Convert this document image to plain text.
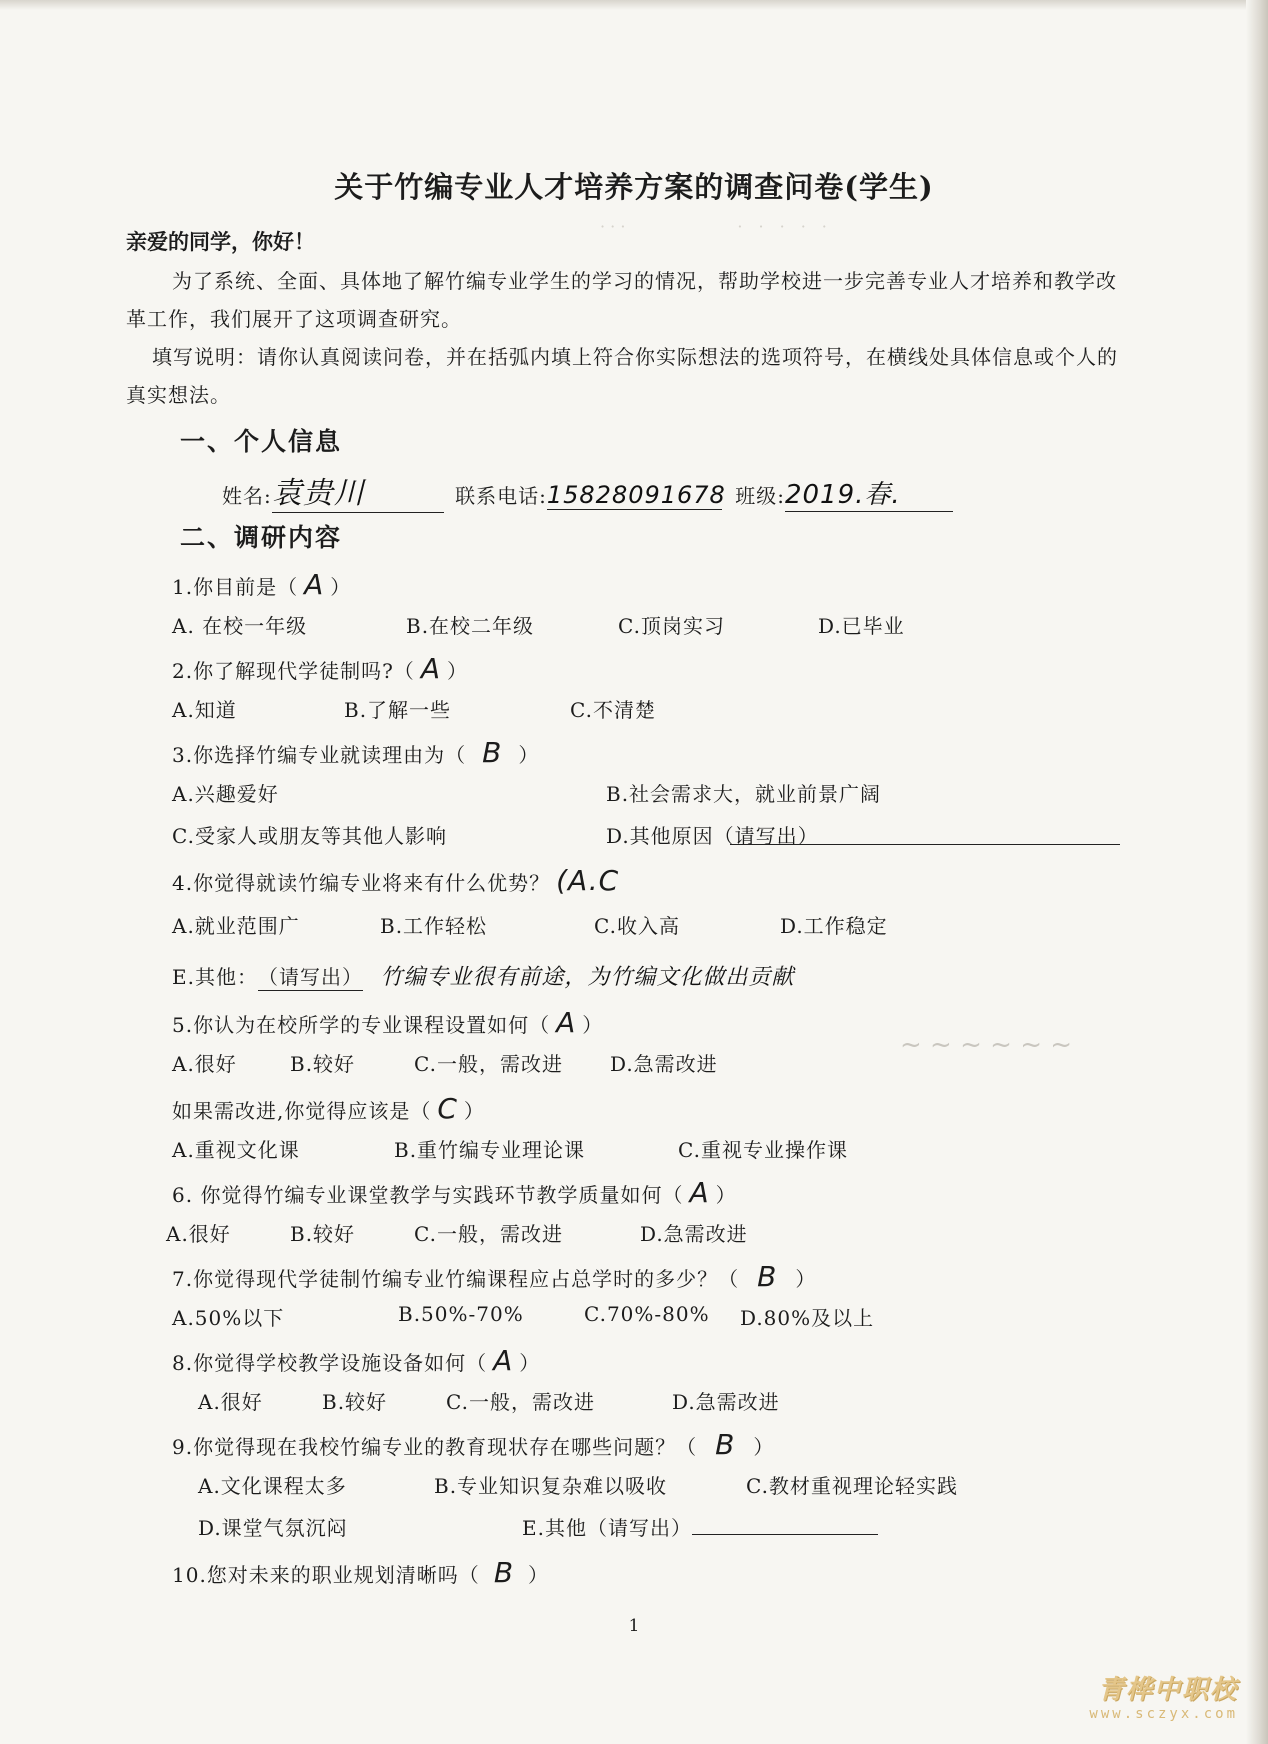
· · ·　　　　　　　·　·　·　·　·
~ ~ ~ ~ ~ ~
关于竹编专业人才培养方案的调查问卷(学生)
亲爱的同学，你好！
为了系统、全面、具体地了解竹编专业学生的学习的情况，帮助学校进一步完善专业人才培养和教学改革工作，我们展开了这项调查研究。
填写说明：请你认真阅读问卷，并在括弧内填上符合你实际想法的选项符号，在横线处具体信息或个人的真实想法。
一、个人信息
姓名:袁贵川	联系电话:15828091678 班级:2019.春.
二、调研内容
1.你目前是（ A ）
A. 在校一年级	B.在校二年级	C.顶岗实习	D.已毕业
2.你了解现代学徒制吗?（ A ）
A.知道	B.了解一些	C.不清楚
3.你选择竹编专业就读理由为（ B ）
A.兴趣爱好	B.社会需求大，就业前景广阔
C.受家人或朋友等其他人影响	D.其他原因（请写出）
4.你觉得就读竹编专业将来有什么优势？ (A.C
A.就业范围广	B.工作轻松	C.收入高	D.工作稳定
E.其他：（请写出） 竹编专业很有前途，为竹编文化做出贡献
5.你认为在校所学的专业课程设置如何（ A ）
A.很好	B.较好	C.一般，需改进 D.急需改进
如果需改进,你觉得应该是（ C ）
A.重视文化课	B.重竹编专业理论课	C.重视专业操作课
6. 你觉得竹编专业课堂教学与实践环节教学质量如何（ A ）
A.很好	B.较好	C.一般，需改进	D.急需改进
7.你觉得现代学徒制竹编专业竹编课程应占总学时的多少？（ B ）
A.50%以下	B.50%-70%	C.70%-80% D.80%及以上
8.你觉得学校教学设施设备如何（ A ）
A.很好	B.较好	C.一般，需改进	D.急需改进
9.你觉得现在我校竹编专业的教育现状存在哪些问题？（ B ）
A.文化课程太多	B.专业知识复杂难以吸收	C.教材重视理论轻实践
D.课堂气氛沉闷	E.其他（请写出）
10.您对未来的职业规划清晰吗（ B ）
1
青桦中职校
www.sczyx.com
